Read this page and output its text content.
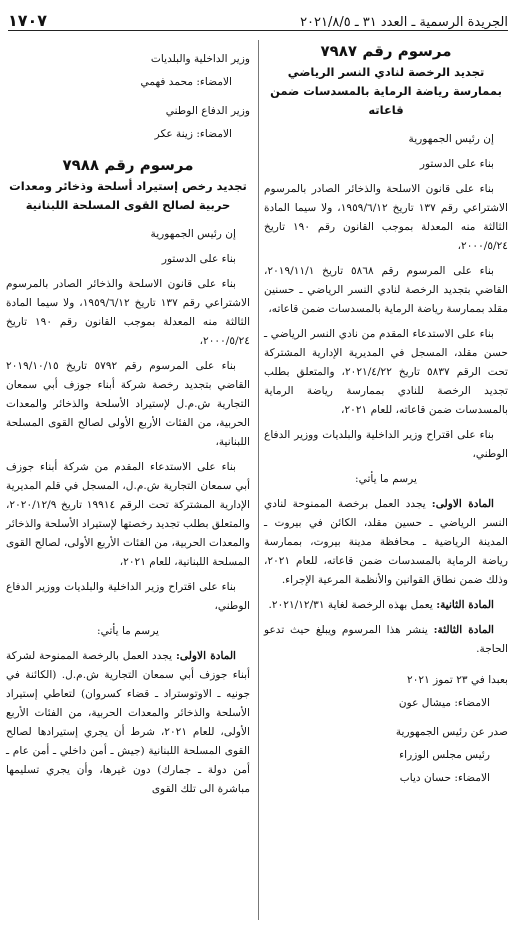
الجريدة الرسمية ـ العدد ٣١ ـ ٢٠٢١/٨/٥
١٧٠٧

مرسوم رقم ٧٩٨٧

تجديد الرخصة لنادي النسر الرياضي بممارسة رياضة الرماية بالمسدسات ضمن قاعاته

إن رئيس الجمهورية

بناء على الدستور

بناء على قانون الاسلحة والذخائر الصادر بالمرسوم الاشتراعي رقم ١٣٧ تاريخ ١٩٥٩/٦/١٢، ولا سيما المادة الثالثة منه المعدلة بموجب القانون رقم ١٩٠ تاريخ ٢٠٠٠/٥/٢٤،

بناء على المرسوم رقم ٥٨٦٨ تاريخ ٢٠١٩/١١/١، القاضي بتجديد الرخصة لنادي النسر الرياضي ـ حسنين مقلد بممارسة رياضة الرماية بالمسدسات ضمن قاعاته،

بناء على الاستدعاء المقدم من نادي النسر الرياضي ـ حسن مقلد، المسجل في المديرية الإدارية المشتركة تحت الرقم ٥٨٣٧ تاريخ ٢٠٢١/٤/٢٢، والمتعلق بطلب تجديد الرخصة للنادي بممارسة رياضة الرماية بالمسدسات ضمن قاعاته، للعام ٢٠٢١،

بناء على اقتراح وزير الداخلية والبلديات ووزير الدفاع الوطني،

يرسم ما يأتي:

المادة الاولى: يجدد العمل برخصة الممنوحة لنادي النسر الرياضي ـ حسين مقلد، الكائن في بيروت ـ المدينة الرياضية ـ محافظة مدينة بيروت، بممارسة رياضة الرماية بالمسدسات ضمن قاعاته، للعام ٢٠٢١، وذلك ضمن نطاق القوانين والأنظمة المرعية الإجراء.

المادة الثانية: يعمل بهذه الرخصة لغاية ٢٠٢١/١٢/٣١.

المادة الثالثة: ينشر هذا المرسوم ويبلغ حيث تدعو الحاجة.

بعبدا في ٢٣ تموز ٢٠٢١

الامضاء: ميشال عون

صدر عن رئيس الجمهورية

رئيس مجلس الوزراء

الامضاء: حسان دياب

وزير الداخلية والبلديات

الامضاء: محمد فهمي

وزير الدفاع الوطني

الامضاء: زينة عكر

مرسوم رقم ٧٩٨٨

تجديد رخص إستيراد أسلحة وذخائر ومعدات حربية لصالح القوى المسلحة اللبنانية

إن رئيس الجمهورية

بناء على الدستور

بناء على قانون الاسلحة والذخائر الصادر بالمرسوم الاشتراعي رقم ١٣٧ تاريخ ١٩٥٩/٦/١٢، ولا سيما المادة الثالثة منه المعدلة بموجب القانون رقم ١٩٠ تاريخ ٢٠٠٠/٥/٢٤،

بناء على المرسوم رقم ٥٧٩٢ تاريخ ٢٠١٩/١٠/١٥ القاضي بتجديد رخصة شركة أبناء جوزف أبي سمعان التجارية ش.م.ل لإستيراد الأسلحة والذخائر والمعدات الحربية، من الفئات الأربع الأولى لصالح القوى المسلحة اللبنانية،

بناء على الاستدعاء المقدم من شركة أبناء جوزف أبي سمعان التجارية ش.م.ل، المسجل في قلم المديرية الإدارية المشتركة تحت الرقم ١٩٩١٤ تاريخ ٢٠٢٠/١٢/٩، والمتعلق بطلب تجديد رخصتها لإستيراد الأسلحة والذخائر والمعدات الحربية، من الفئات الأربع الأولى، لصالح القوى المسلحة اللبنانية، للعام ٢٠٢١،

بناء على اقتراح وزير الداخلية والبلديات ووزير الدفاع الوطني،

يرسم ما يأتي:

المادة الاولى: يجدد العمل بالرخصة الممنوحة لشركة أبناء جوزف أبي سمعان التجارية ش.م.ل. (الكائنة في جونيه ـ الاوتوستراد ـ قضاء كسروان) لتعاطي إستيراد الأسلحة والذخائر والمعدات الحربية، من الفئات الأربع الأولى، للعام ٢٠٢١، شرط أن يجري إستيرادها لصالح القوى المسلحة اللبنانية (جيش ـ أمن داخلي ـ أمن عام ـ أمن دولة ـ جمارك) دون غيرها، وأن يجري تسليمها مباشرة الى تلك القوى
